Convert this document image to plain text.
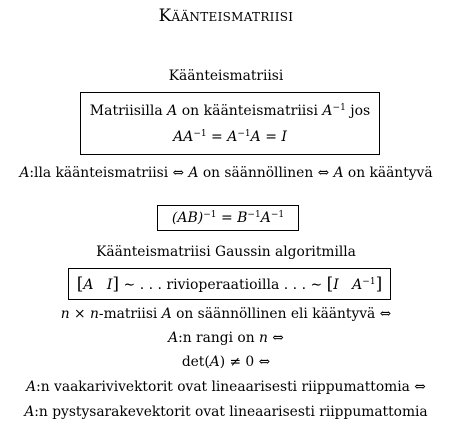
Käänteismatriisi
Käänteismatriisi
Matriisilla A on käänteismatriisi $A^{-1}$ jos
$AA^{-1} = A^{-1}A = I$
A:lla käänteismatriisi ⇔ A on säännöllinen ⇔ A on kääntyvä
$(AB)^{-1} = B^{-1}A^{-1}$
Käänteismatriisi Gaussin algoritmilla
[A   I] ∼ . . . rivioperaatioilla . . . ∼ [I   $A^{-1}$]
n × n-matriisi A on säännöllinen eli kääntyvä ⇔
A:n rangi on n ⇔
det(A) ≠ 0 ⇔
A:n vaakarivivektorit ovat lineaarisesti riippumattomia ⇔
A:n pystysarakevektorit ovat lineaarisesti riippumattomia
